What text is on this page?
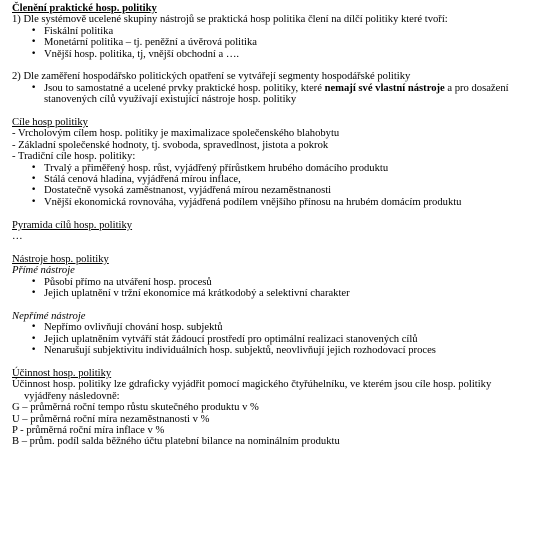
Členění praktické hosp. politiky
1) Dle systémově ucelené skupiny nástrojů se praktická hosp politika člení na dílčí politiky které tvoří:
• Fiskální politika
• Monetární politika – tj. peněžní a úvěrová politika
• Vnější hosp. politika, tj, vnější obchodní a ….
2) Dle zaměření hospodářsko politických opatření se vytvářejí segmenty hospodářské politiky
• Jsou to samostatné a ucelené prvky praktické hosp. politiky, které nemají své vlastní nástroje a pro dosažení stanovených cílů využívají existující nástroje hosp. politiky
Cíle hosp politiky
- Vrcholovým cílem hosp. politiky je maximalizace společenského blahobytu
- Základní společenské hodnoty, tj. svoboda, spravedlnost, jistota a pokrok
- Tradiční cíle hosp. politiky:
• Trvalý a přiměřený hosp. růst, vyjádřený přírůstkem hrubého domácího produktu
• Stálá cenová hladina, vyjádřená mírou inflace,
• Dostatečně vysoká zaměstnanost, vyjádřená mírou nezaměstnanosti
• Vnější ekonomická rovnováha, vyjádřená podílem vnějšího přínosu na hrubém domácím produktu
Pyramida cílů hosp. politiky
…
Nástroje hosp. politiky
Přímé nástroje
• Působí přímo na utváření hosp. procesů
• Jejich uplatnění v tržní ekonomice má krátkodobý a selektivní charakter
Nepřímé nástroje
• Nepřímo ovlivňují chování hosp. subjektů
• Jejich uplatněním vytváří stát žádoucí prostředí pro optimální realizaci stanovených cílů
• Nenarušují subjektivitu individuálních hosp. subjektů, neovlivňují jejich rozhodovací proces
Účinnost hosp. politiky
Účinnost hosp. politiky lze gdraficky vyjádřit pomocí magického čtyřúhelníku, ve kterém jsou cíle hosp. politiky
vyjádřeny následovně:
G – průměrná roční tempo růstu skutečného produktu v %
U – průměrná roční míra nezaměstnanosti v %
P - průměrná roční míra inflace v %
B – prům. podíl salda běžného účtu platební bilance na nominálním produktu
